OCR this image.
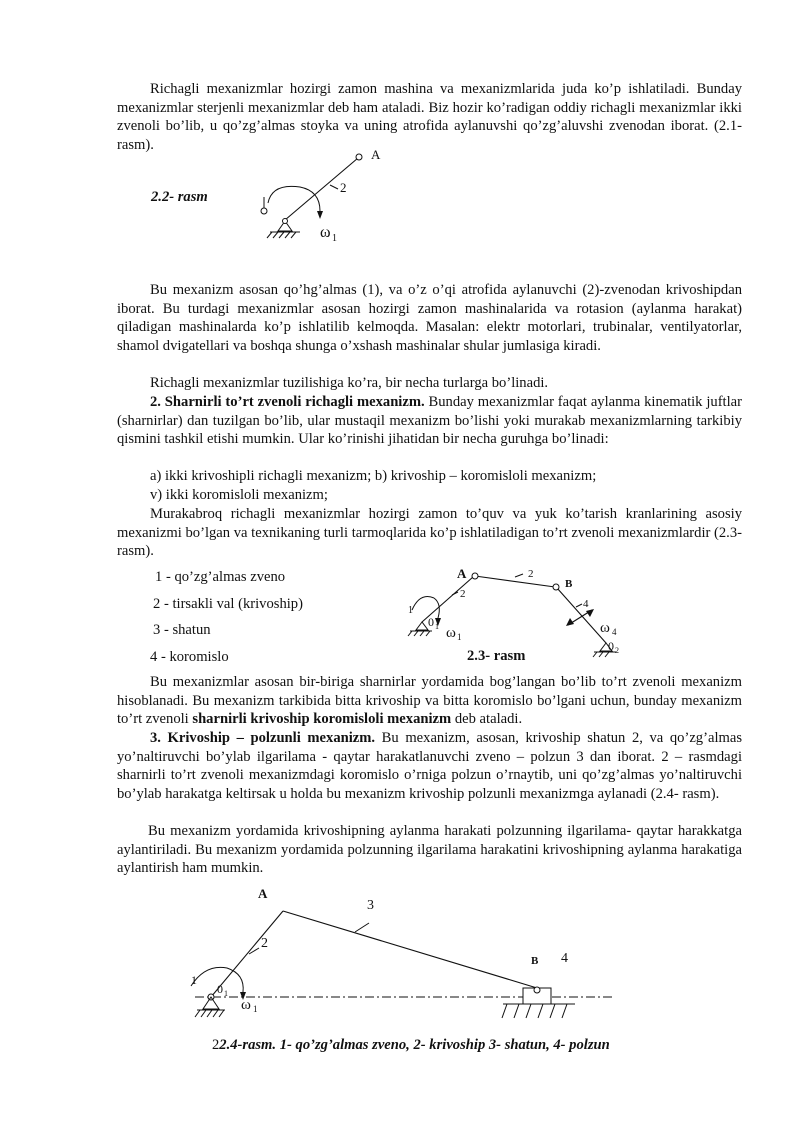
Richagli mexanizmlar hozirgi zamon mashina va mexanizmlarida juda ko’p ishlatiladi. Bunday mexanizmlar sterjenli mexanizmlar deb ham ataladi. Biz hozir ko’radigan oddiy richagli mexanizmlar ikki zvenoli bo’lib, u qo’zg’almas stoyka va uning atrofida aylanuvshi qo’zg’aluvshi zvenodan iborat. (2.1- rasm).

2.2- rasm
A
2
ω 1

Bu mexanizm asosan qo’hg’almas (1), va o’z o’qi atrofida aylanuvchi (2)-zvenodan krivoshipdan iborat. Bu turdagi mexanizmlar asosan hozirgi zamon mashinalarida va rotasion (aylanma harakat) qiladigan mashinalarda ko’p ishlatilib kelmoqda. Masalan: elektr motorlari, trubinalar, ventilyatorlar, shamol dvigatellari va boshqa shunga o’xshash mashinalar shular jumlasiga kiradi.

Richagli mexanizmlar tuzilishiga ko’ra, bir necha turlarga bo’linadi.

2. Sharnirli to’rt zvenoli richagli mexanizm. Bunday mexanizmlar faqat aylanma kinematik juftlar (sharnirlar) dan tuzilgan bo’lib, ular mustaqil mexanizm bo’lishi yoki murakab mexanizmlarning tarkibiy qismini tashkil etishi mumkin. Ular ko’rinishi jihatidan bir necha guruhga bo’linadi:

a) ikki krivoshipli richagli mexanizm; b) krivoship – koromisloli mexanizm;
v) ikki koromisloli mexanizm;

Murakabroq richagli mexanizmlar hozirgi zamon to’quv va yuk ko’tarish kranlarining asosiy mexanizmi bo’lgan va texnikaning turli tarmoqlarida ko’p ishlatiladigan to’rt zvenoli mexanizmlardir (2.3- rasm).

1 - qo’zg’almas zveno
2 - tirsakli val (krivoship)
3 - shatun
4 - koromislo
A
B
2
2
4
1
0 1 ω 1
ω 4
0 2
2.3- rasm

Bu mexanizmlar asosan bir-biriga sharnirlar yordamida bog’langan bo’lib to’rt zvenoli mexanizm hisoblanadi. Bu mexanizm tarkibida bitta krivoship va bitta koromislo bo’lgani uchun, bunday mexanizm to’rt zvenoli sharnirli krivoship koromisloli mexanizm deb ataladi.

3. Krivoship – polzunli mexanizm. Bu mexanizm, asosan, krivoship shatun 2, va qo’zg’almas yo’naltiruvchi bo’ylab ilgarilama - qaytar harakatlanuvchi zveno – polzun 3 dan iborat. 2 – rasmdagi sharnirli to’rt zvenoli mexanizmdagi koromislo o’rniga polzun o’rnaytib, uni qo’zg’almas yo’naltiruvchi bo’ylab harakatga keltirsak u holda bu mexanizm krivoship polzunli mexanizmga aylanadi (2.4- rasm).

Bu mexanizm yordamida krivoshipning aylanma harakati polzunning ilgarilama- qaytar harakkatga aylantiriladi. Bu mexanizm yordamida polzunning ilgarilama harakatini krivoshipning aylanma harakatiga aylantirish ham mumkin.

A
3
2
1
0 1
ω 1
B 4
22.4-rasm. 1- qo’zg’almas zveno, 2- krivoship 3- shatun, 4- polzun
